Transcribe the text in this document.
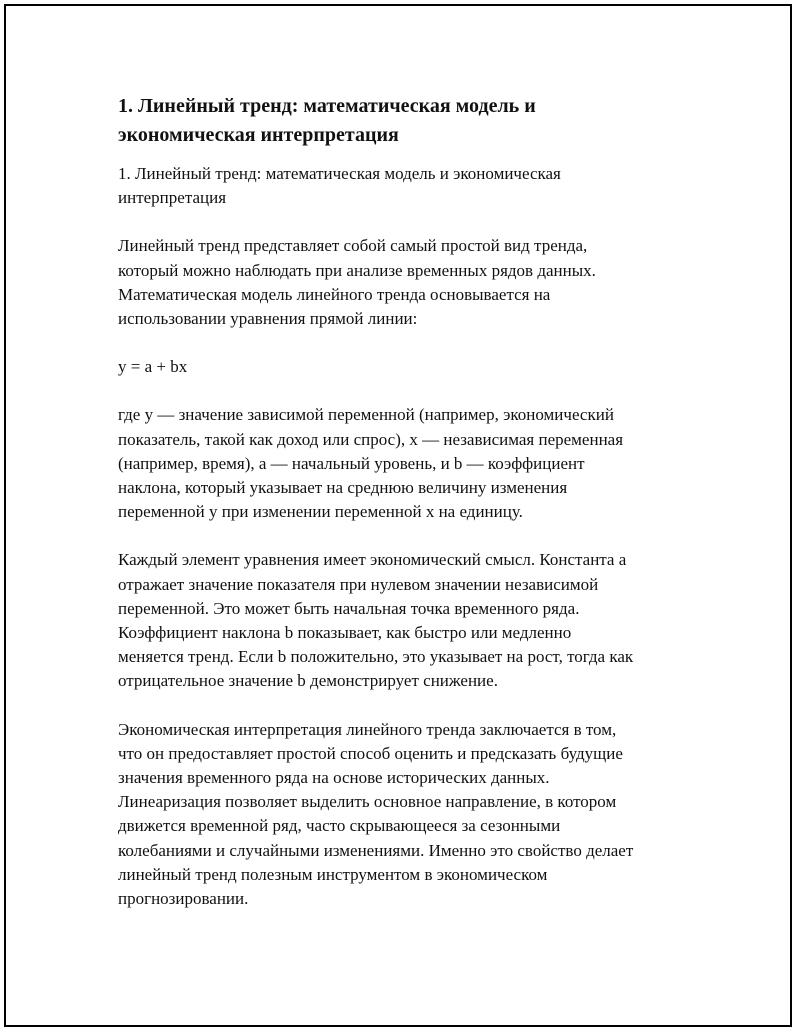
1. Линейный тренд: математическая модель и
экономическая интерпретация

1. Линейный тренд: математическая модель и экономическая
интерпретация

Линейный тренд представляет собой самый простой вид тренда,
который можно наблюдать при анализе временных рядов данных.
Математическая модель линейного тренда основывается на
использовании уравнения прямой линии:

y = a + bx

где y — значение зависимой переменной (например, экономический
показатель, такой как доход или спрос), x — независимая переменная
(например, время), a — начальный уровень, и b — коэффициент
наклона, который указывает на среднюю величину изменения
переменной y при изменении переменной x на единицу.

Каждый элемент уравнения имеет экономический смысл. Константа a
отражает значение показателя при нулевом значении независимой
переменной. Это может быть начальная точка временного ряда.
Коэффициент наклона b показывает, как быстро или медленно
меняется тренд. Если b положительно, это указывает на рост, тогда как
отрицательное значение b демонстрирует снижение.

Экономическая интерпретация линейного тренда заключается в том,
что он предоставляет простой способ оценить и предсказать будущие
значения временного ряда на основе исторических данных.
Линеаризация позволяет выделить основное направление, в котором
движется временной ряд, часто скрывающееся за сезонными
колебаниями и случайными изменениями. Именно это свойство делает
линейный тренд полезным инструментом в экономическом
прогнозировании.
